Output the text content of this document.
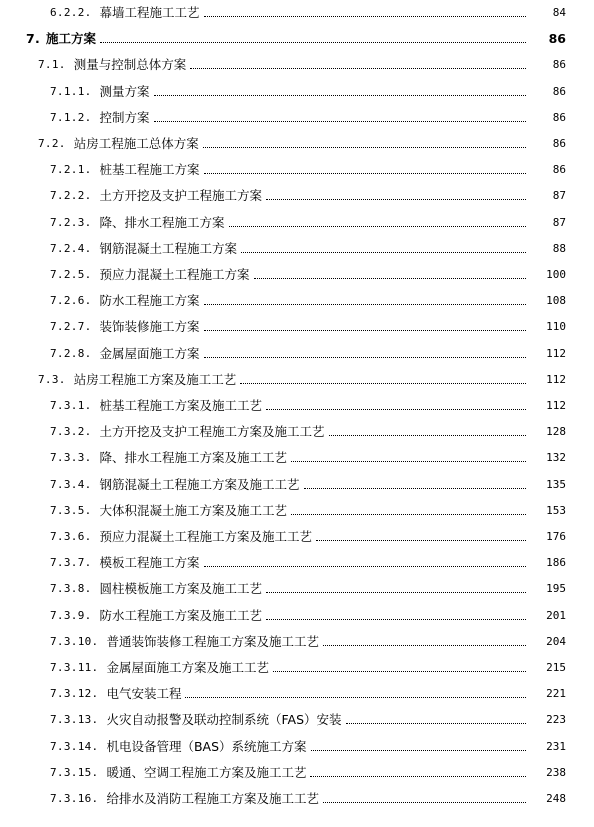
6.2.2. 幕墙工程施工工艺	84
7. 施工方案	86
7.1. 测量与控制总体方案	86
7.1.1. 测量方案	86
7.1.2. 控制方案	86
7.2. 站房工程施工总体方案	86
7.2.1. 桩基工程施工方案	86
7.2.2. 土方开挖及支护工程施工方案	87
7.2.3. 降、排水工程施工方案	87
7.2.4. 钢筋混凝土工程施工方案	88
7.2.5. 预应力混凝土工程施工方案	100
7.2.6. 防水工程施工方案	108
7.2.7. 装饰装修施工方案	110
7.2.8. 金属屋面施工方案	112
7.3. 站房工程施工方案及施工工艺	112
7.3.1. 桩基工程施工方案及施工工艺	112
7.3.2. 土方开挖及支护工程施工方案及施工工艺	128
7.3.3. 降、排水工程施工方案及施工工艺	132
7.3.4. 钢筋混凝土工程施工方案及施工工艺	135
7.3.5. 大体积混凝土施工方案及施工工艺	153
7.3.6. 预应力混凝土工程施工方案及施工工艺	176
7.3.7. 模板工程施工方案	186
7.3.8. 圆柱模板施工方案及施工工艺	195
7.3.9. 防水工程施工方案及施工工艺	201
7.3.10. 普通装饰装修工程施工方案及施工工艺	204
7.3.11. 金属屋面施工方案及施工工艺	215
7.3.12. 电气安装工程	221
7.3.13. 火灾自动报警及联动控制系统（FAS）安装	223
7.3.14. 机电设备管理（BAS）系统施工方案	231
7.3.15. 暖通、空调工程施工方案及施工工艺	238
7.3.16. 给排水及消防工程施工方案及施工工艺	248
